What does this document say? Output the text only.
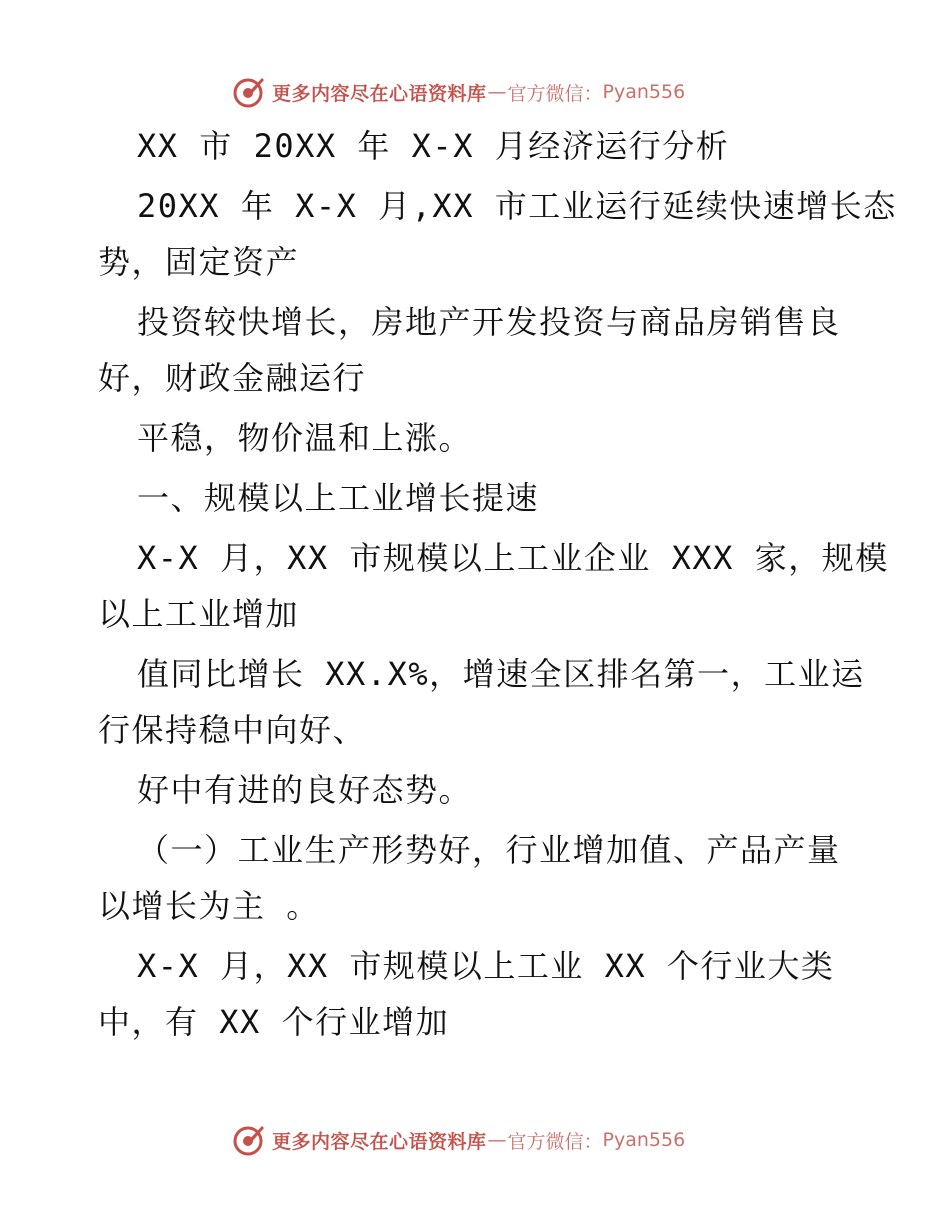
更多内容尽在心语资料库 — 官方微信： Pyan556
XX 市 20XX 年 X-X 月经济运行分析
20XX 年 X-X 月,XX 市工业运行延续快速增长态
势，固定资产
投资较快增长，房地产开发投资与商品房销售良
好，财政金融运行
平稳，物价温和上涨。
一、规模以上工业增长提速
X-X 月，XX 市规模以上工业企业 XXX 家，规模
以上工业增加
值同比增长 XX.X%，增速全区排名第一，工业运
行保持稳中向好、
好中有进的良好态势。
（一）工业生产形势好，行业增加值、产品产量
以增长为主 。
X-X 月，XX 市规模以上工业 XX 个行业大类
中，有 XX 个行业增加
更多内容尽在心语资料库 — 官方微信： Pyan556
